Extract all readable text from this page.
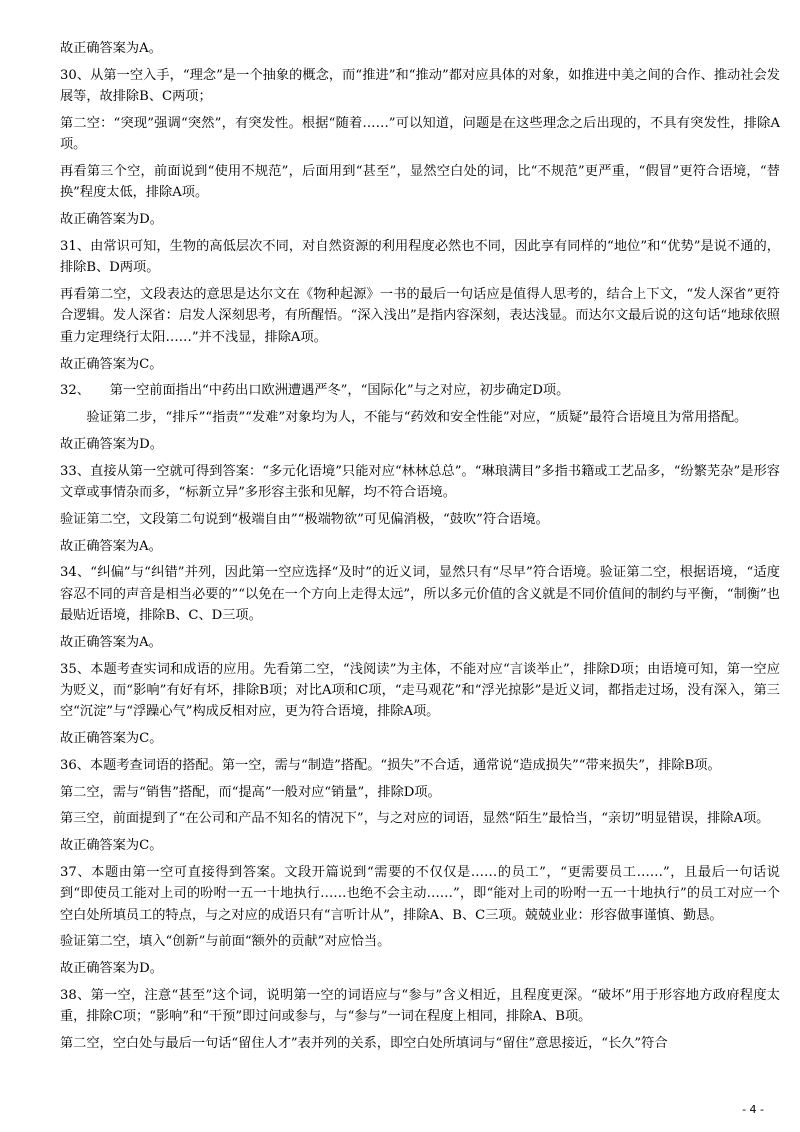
故正确答案为A。

30、从第一空入手，“理念”是一个抽象的概念，而“推进”和“推动”都对应具体的对象，如推进中美之间的合作、推动社会发展等，故排除B、C两项；

第二空：“突现”强调“突然”，有突发性。根据“随着……”可以知道，问题是在这些理念之后出现的，不具有突发性，排除A项。

再看第三个空，前面说到“使用不规范”，后面用到“甚至”，显然空白处的词，比“不规范”更严重，“假冒”更符合语境，“替换”程度太低，排除A项。

故正确答案为D。

31、由常识可知，生物的高低层次不同，对自然资源的利用程度必然也不同，因此享有同样的“地位”和“优势”是说不通的，排除B、D两项。

再看第二空，文段表达的意思是达尔文在《物种起源》一书的最后一句话应是值得人思考的，结合上下文，“发人深省”更符合逻辑。发人深省：启发人深刻思考，有所醒悟。“深入浅出”是指内容深刻，表达浅显。而达尔文最后说的这句话“地球依照重力定理绕行太阳……”并不浅显，排除A项。

故正确答案为C。

32、　　第一空前面指出“中药出口欧洲遭遇严冬”，“国际化”与之对应，初步确定D项。

　　验证第二步，“排斥”“指责”“发难”对象均为人，不能与“药效和安全性能”对应，“质疑”最符合语境且为常用搭配。

故正确答案为D。

33、直接从第一空就可得到答案：“多元化语境”只能对应“林林总总”。“琳琅满目”多指书籍或工艺品多，“纷繁芜杂”是形容文章或事情杂而多，“标新立异”多形容主张和见解，均不符合语境。

验证第二空，文段第二句说到“极端自由”“极端物欲”可见偏消极，“鼓吹”符合语境。

故正确答案为A。

34、“纠偏”与“纠错”并列，因此第一空应选择“及时”的近义词，显然只有“尽早”符合语境。验证第二空，根据语境，“适度容忍不同的声音是相当必要的”“以免在一个方向上走得太远”，所以多元价值的含义就是不同价值间的制约与平衡，“制衡”也最贴近语境，排除B、C、D三项。

故正确答案为A。

35、本题考查实词和成语的应用。先看第二空，“浅阅读”为主体，不能对应“言谈举止”，排除D项；由语境可知，第一空应为贬义，而“影响”有好有坏，排除B项；对比A项和C项，“走马观花”和“浮光掠影”是近义词，都指走过场，没有深入，第三空“沉淀”与“浮躁心气”构成反相对应，更为符合语境，排除A项。

故正确答案为C。

36、本题考查词语的搭配。第一空，需与“制造”搭配。“损失”不合适，通常说“造成损失”“带来损失”，排除B项。

第二空，需与“销售”搭配，而“提高”一般对应“销量”，排除D项。

第三空，前面提到了“在公司和产品不知名的情况下”，与之对应的词语，显然“陌生”最恰当，“亲切”明显错误，排除A项。

故正确答案为C。

37、本题由第一空可直接得到答案。文段开篇说到“需要的不仅仅是……的员工”，“更需要员工……”，且最后一句话说到“即使员工能对上司的吩咐一五一十地执行……也绝不会主动……”，即“能对上司的吩咐一五一十地执行”的员工对应一个空白处所填员工的特点，与之对应的成语只有“言听计从”，排除A、B、C三项。兢兢业业：形容做事谨慎、勤恳。

验证第二空，填入“创新”与前面“额外的贡献”对应恰当。

故正确答案为D。

38、第一空，注意“甚至”这个词，说明第一空的词语应与“参与”含义相近，且程度更深。“破坏”用于形容地方政府程度太重，排除C项；“影响”和“干预”即过问或参与，与“参与”一词在程度上相同，排除A、B项。

第二空，空白处与最后一句话“留住人才”表并列的关系，即空白处所填词与“留住”意思接近，“长久”符合

- 4 -
